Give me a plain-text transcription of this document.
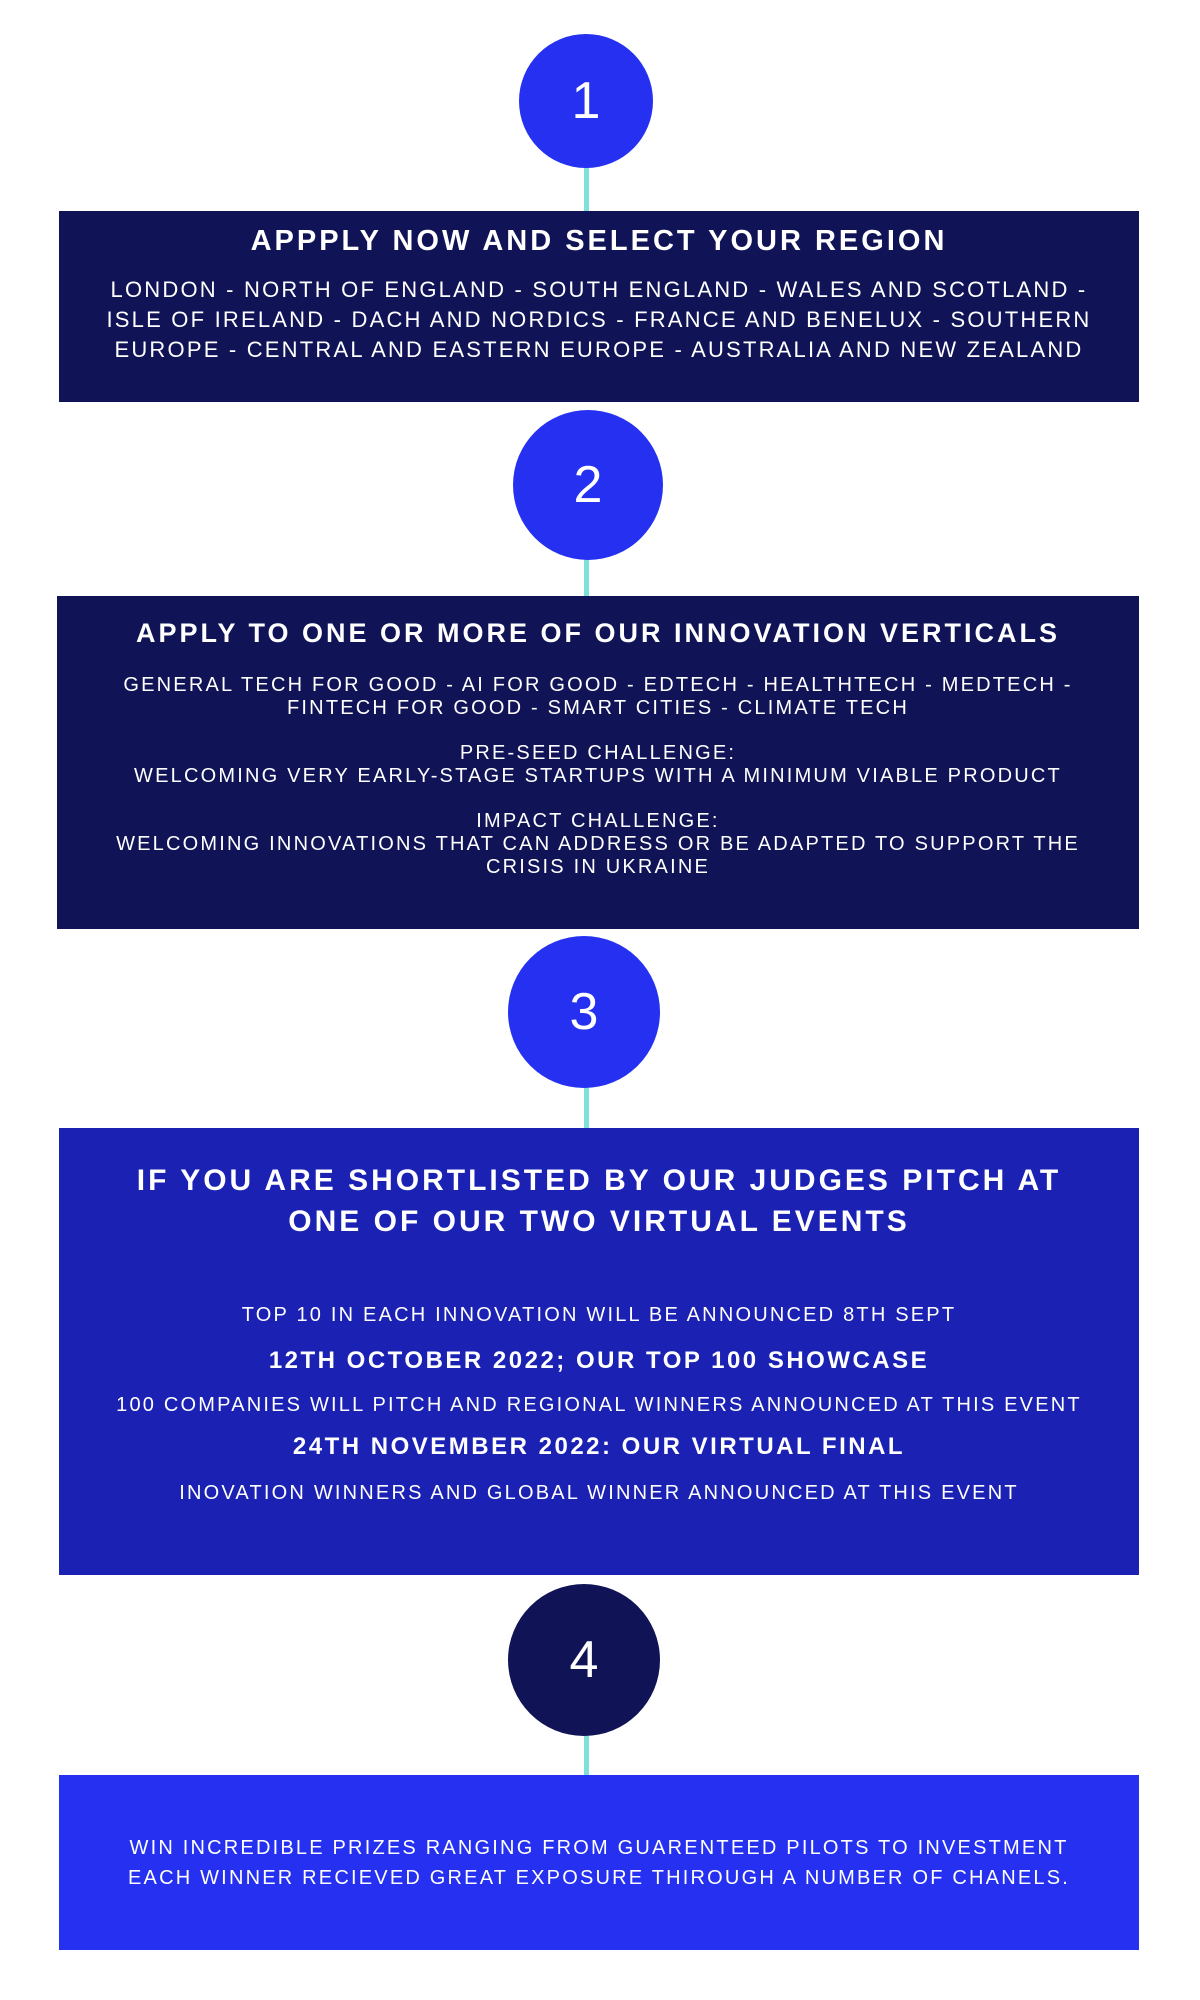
1
APPPLY NOW AND SELECT YOUR REGION

LONDON - NORTH OF ENGLAND - SOUTH ENGLAND - WALES AND SCOTLAND -

ISLE OF IRELAND - DACH AND NORDICS - FRANCE AND BENELUX - SOUTHERN

EUROPE - CENTRAL AND EASTERN EUROPE - AUSTRALIA AND NEW ZEALAND

2
APPLY TO ONE OR MORE OF OUR INNOVATION VERTICALS

GENERAL TECH FOR GOOD - AI FOR GOOD - EDTECH - HEALTHTECH - MEDTECH -

FINTECH FOR GOOD - SMART CITIES - CLIMATE TECH

PRE-SEED CHALLENGE:

WELCOMING VERY EARLY-STAGE STARTUPS WITH A MINIMUM VIABLE PRODUCT

IMPACT CHALLENGE:

WELCOMING INNOVATIONS THAT CAN ADDRESS OR BE ADAPTED TO SUPPORT THE

CRISIS IN UKRAINE

3

IF YOU ARE SHORTLISTED BY OUR JUDGES PITCH AT

ONE OF OUR TWO VIRTUAL EVENTS

TOP 10 IN EACH INNOVATION WILL BE ANNOUNCED 8TH SEPT
12TH OCTOBER 2022; OUR TOP 100 SHOWCASE
100 COMPANIES WILL PITCH AND REGIONAL WINNERS ANNOUNCED AT THIS EVENT
24TH NOVEMBER 2022: OUR VIRTUAL FINAL
INOVATION WINNERS AND GLOBAL WINNER ANNOUNCED AT THIS EVENT
4

WIN INCREDIBLE PRIZES RANGING FROM GUARENTEED PILOTS TO INVESTMENT

EACH WINNER RECIEVED GREAT EXPOSURE THIROUGH A NUMBER OF CHANELS.
